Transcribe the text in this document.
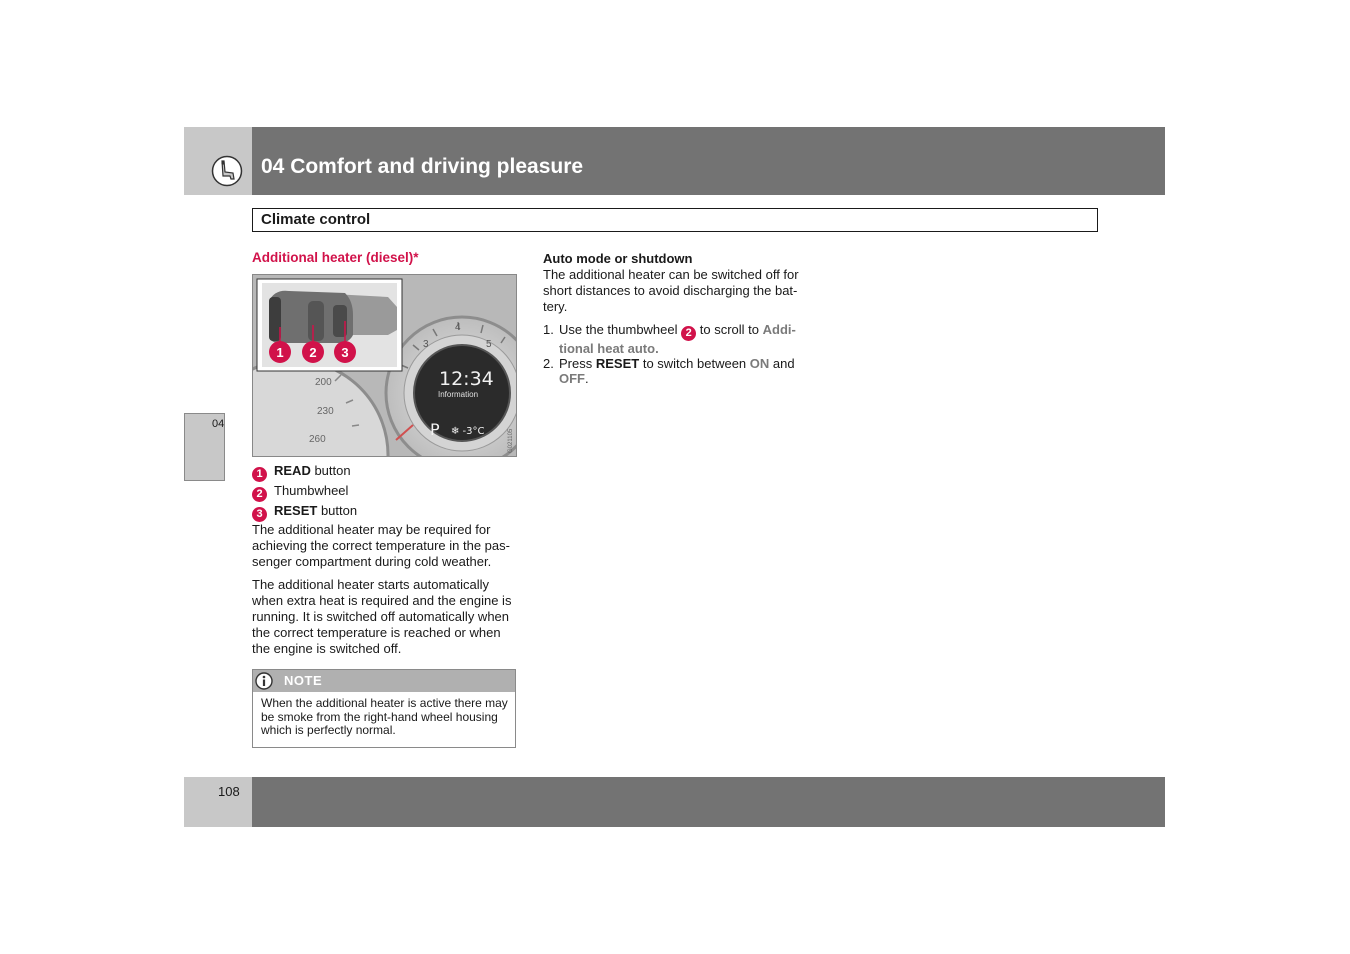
04 Comfort and driving pleasure
Climate control
04
Additional heater (diesel)*
3
4
5
12:34
Information
P ❄ -3°C
200
230
260	G021105
1 2 3
1 READ button
2 Thumbwheel
3 RESET button
The additional heater may be required for achieving the correct temperature in the pas-senger compartment during cold weather.
The additional heater starts automatically when extra heat is required and the engine is running. It is switched off automatically when the correct temperature is reached or when the engine is switched off.
NOTE
When the additional heater is active there may be smoke from the right-hand wheel housing which is perfectly normal.
Auto mode or shutdown
The additional heater can be switched off for short distances to avoid discharging the bat-tery.
1. Use the thumbwheel 2 to scroll to Addi-
tional heat auto.
2. Press RESET to switch between ON and
OFF.
108
